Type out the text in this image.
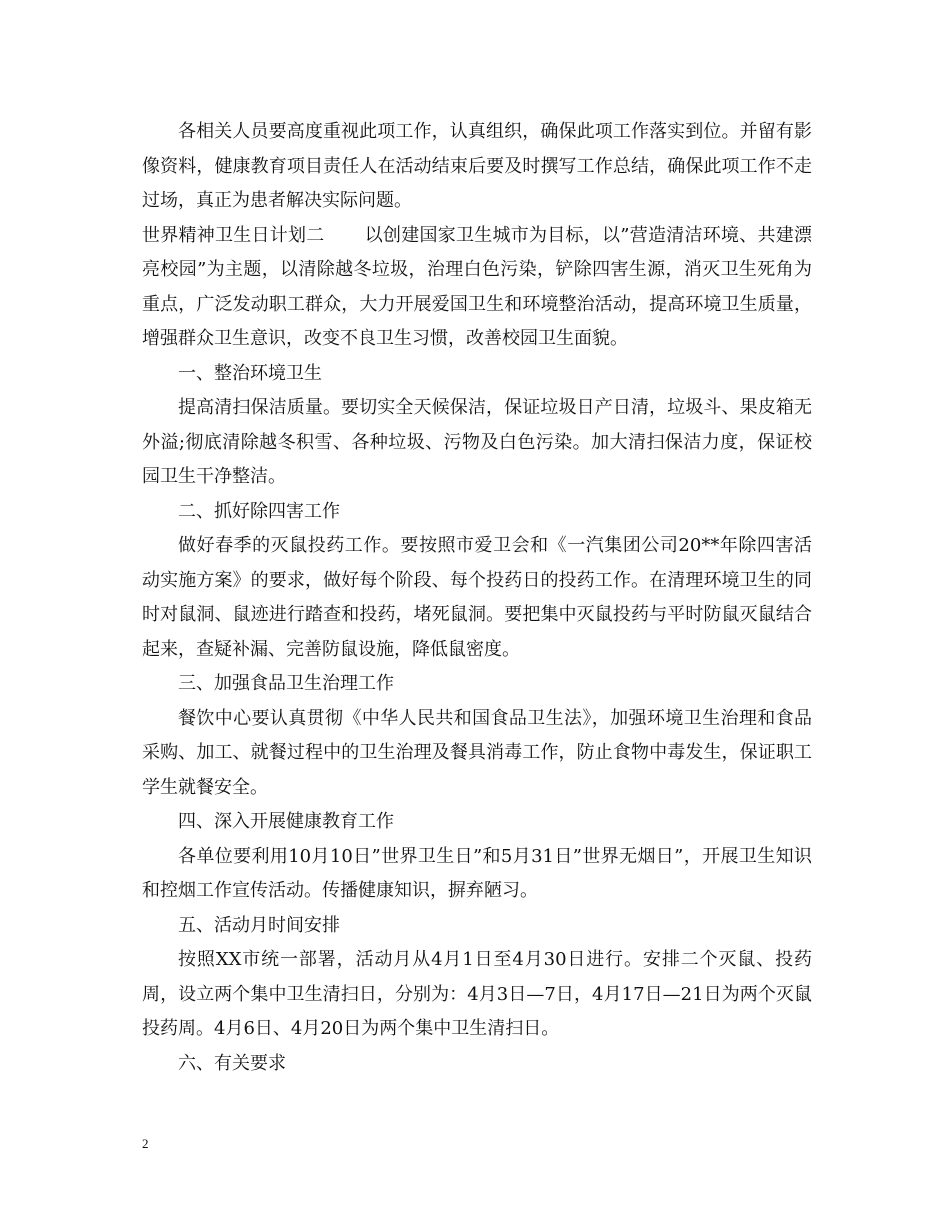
各相关人员要高度重视此项工作，认真组织，确保此项工作落实到位。并留有影像资料，健康教育项目责任人在活动结束后要及时撰写工作总结，确保此项工作不走过场，真正为患者解决实际问题。

世界精神卫生日计划二 以创建国家卫生城市为目标，以”营造清洁环境、共建漂亮校园”为主题，以清除越冬垃圾，治理白色污染，铲除四害生源，消灭卫生死角为重点，广泛发动职工群众，大力开展爱国卫生和环境整治活动，提高环境卫生质量，增强群众卫生意识，改变不良卫生习惯，改善校园卫生面貌。

一、整治环境卫生

提高清扫保洁质量。要切实全天候保洁，保证垃圾日产日清，垃圾斗、果皮箱无外溢;彻底清除越冬积雪、各种垃圾、污物及白色污染。加大清扫保洁力度，保证校园卫生干净整洁。

二、抓好除四害工作

做好春季的灭鼠投药工作。要按照市爱卫会和《一汽集团公司20**年除四害活动实施方案》的要求，做好每个阶段、每个投药日的投药工作。在清理环境卫生的同时对鼠洞、鼠迹进行踏查和投药，堵死鼠洞。要把集中灭鼠投药与平时防鼠灭鼠结合起来，查疑补漏、完善防鼠设施，降低鼠密度。

三、加强食品卫生治理工作

餐饮中心要认真贯彻《中华人民共和国食品卫生法》，加强环境卫生治理和食品采购、加工、就餐过程中的卫生治理及餐具消毒工作，防止食物中毒发生，保证职工学生就餐安全。

四、深入开展健康教育工作

各单位要利用10月10日”世界卫生日”和5月31日”世界无烟日”，开展卫生知识和控烟工作宣传活动。传播健康知识，摒弃陋习。

五、活动月时间安排

按照XX市统一部署，活动月从4月1日至4月30日进行。安排二个灭鼠、投药周，设立两个集中卫生清扫日，分别为：4月3日—7日，4月17日—21日为两个灭鼠投药周。4月6日、4月20日为两个集中卫生清扫日。

六、有关要求

2
